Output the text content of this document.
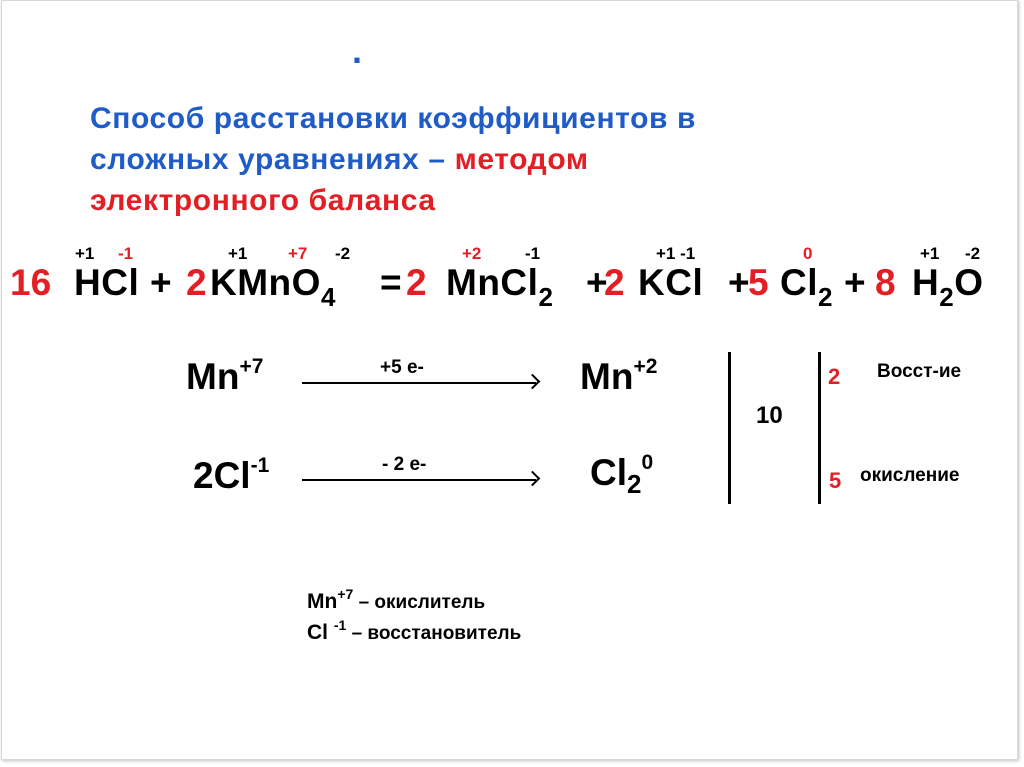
.
Способ расстановки коэффициентов в
сложных уравнениях – методом
электронного баланса
+1 -1	+1 +7 -2	+2	-1	+1 -1	0	+1 -2
16 HCl + 2 KMnO$_4$ = 2 MnCl$_2$ +
2 KCl +
5 $Cl_2 + 8$ $H_2O$
$Mn^{+7}$	+5 e-	$Mn^{+2}$
$2Cl^{-1}$	- 2 e-	$Cl_2^0$
10
2 Восст-ие
5 окисление
$Mn^{+7}$ – окислитель
Cl $^{-1}$ – восстановитель
